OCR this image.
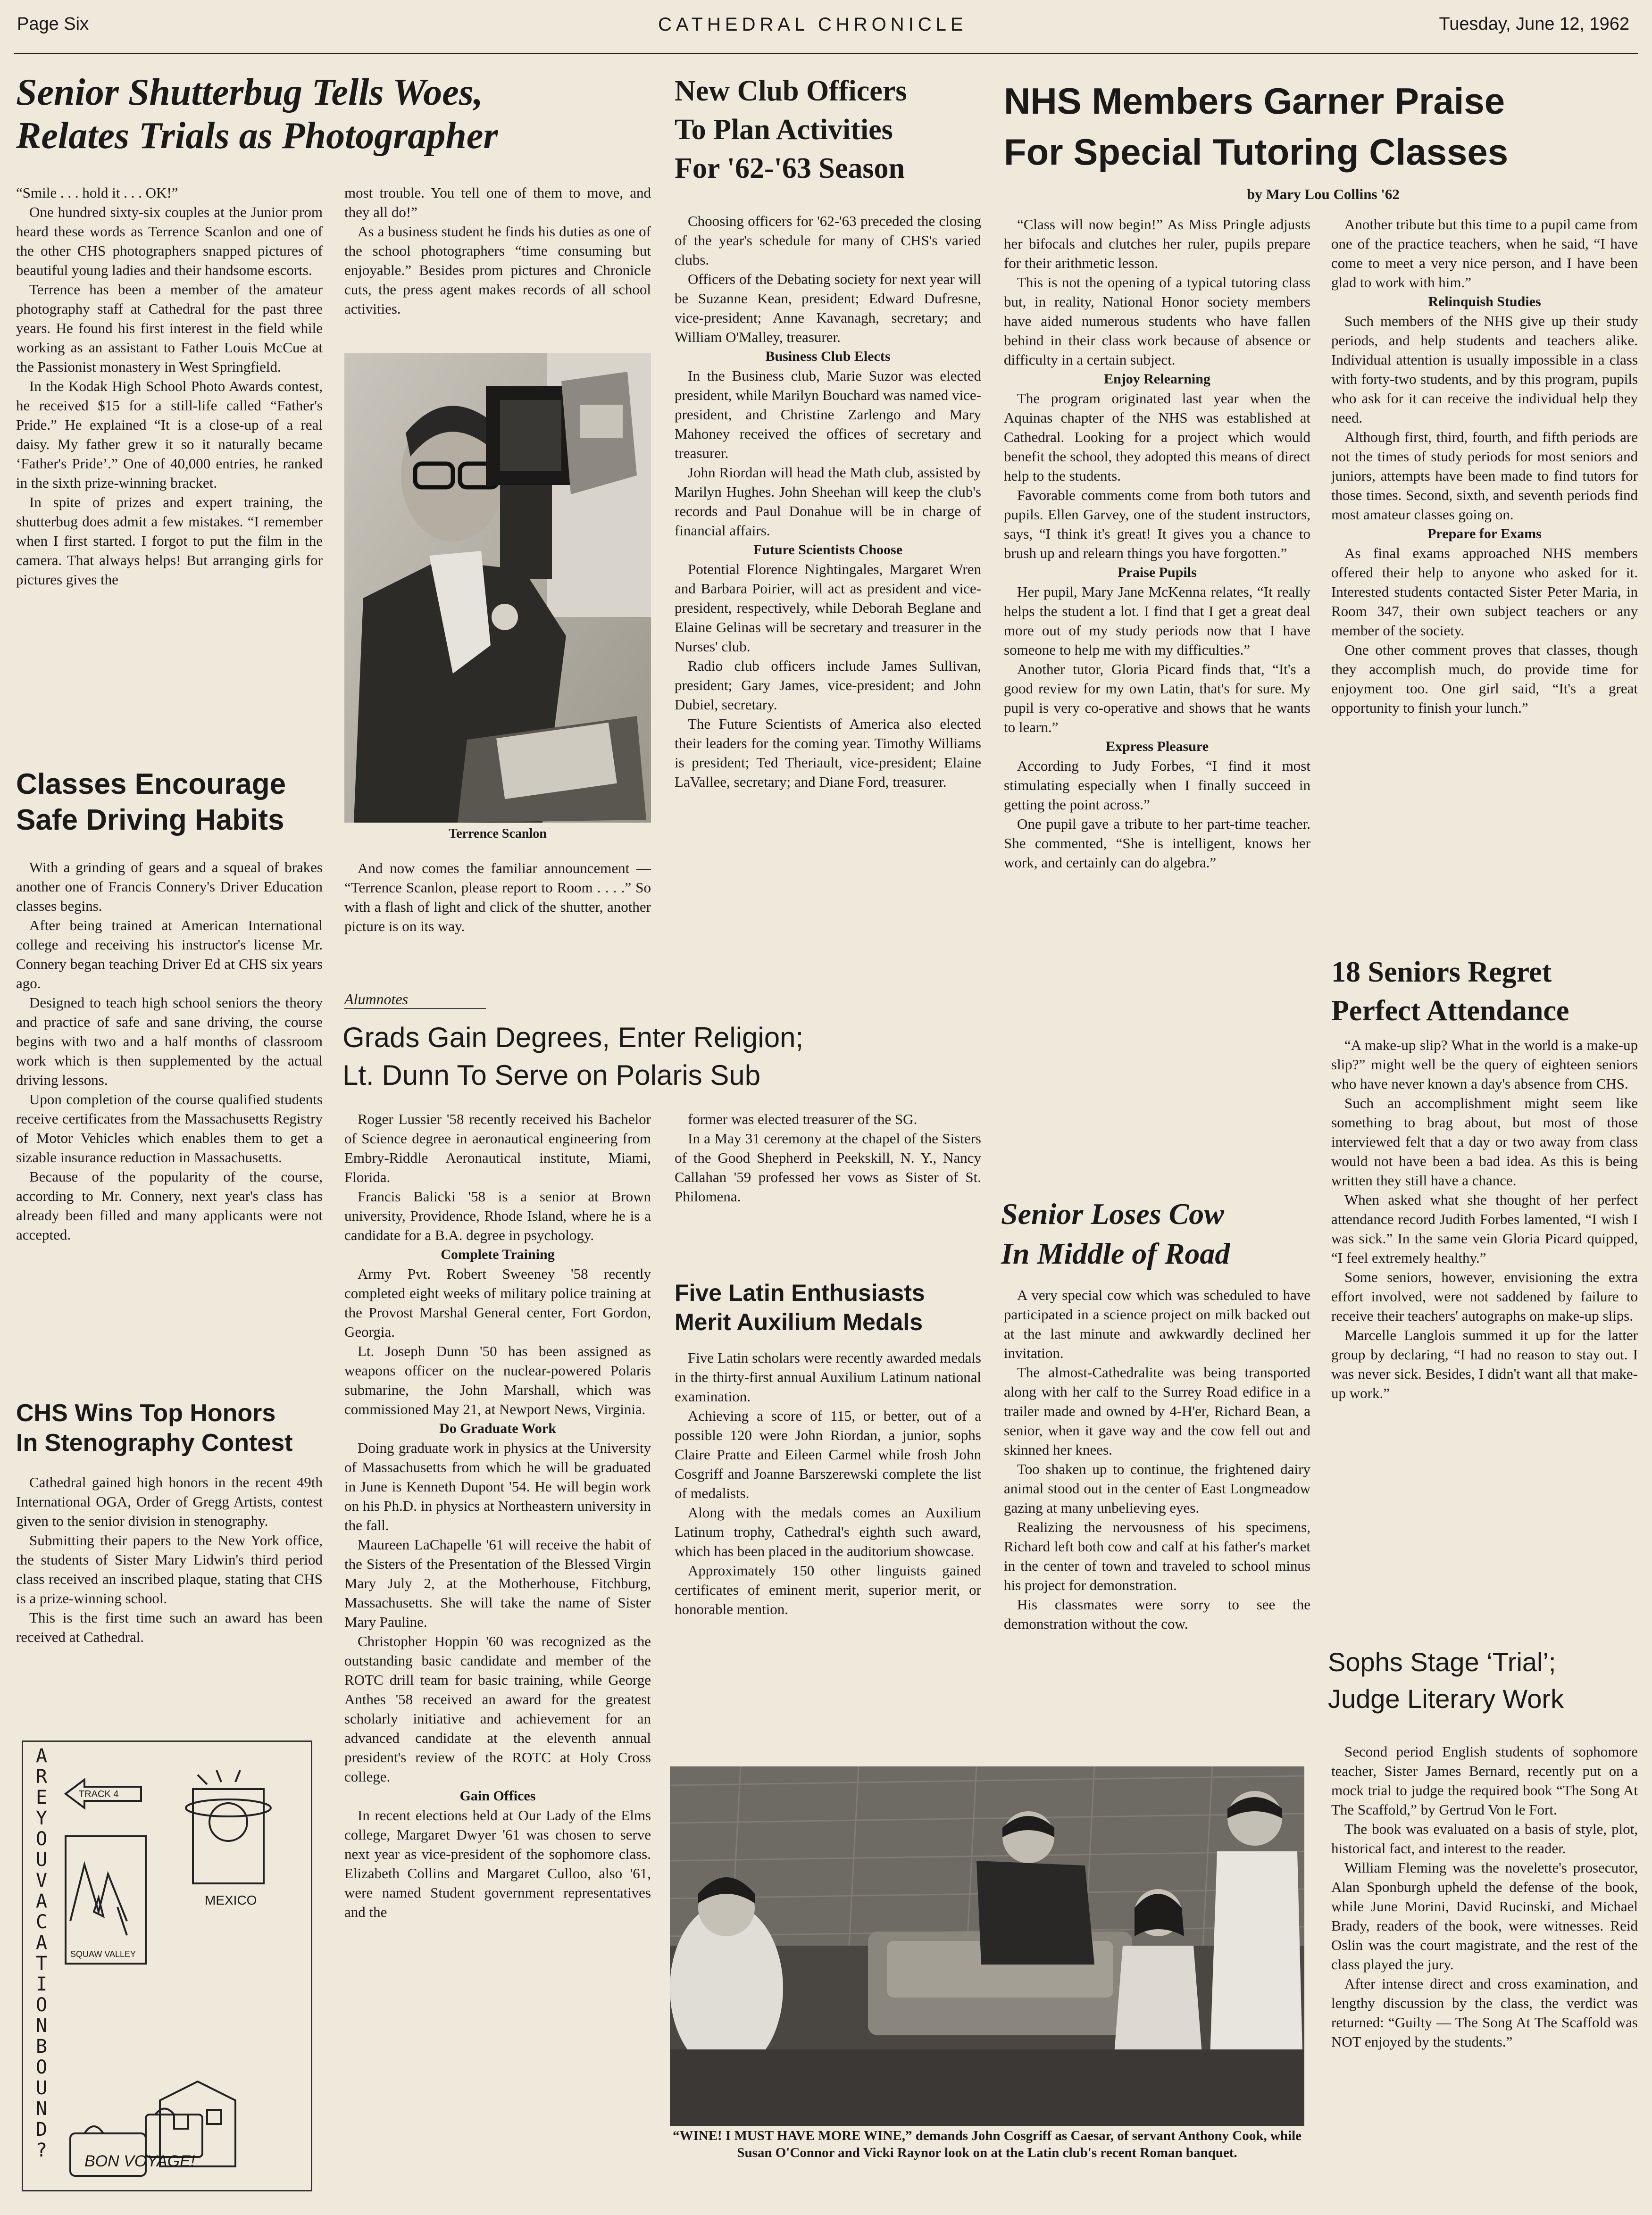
Page Six	CATHEDRAL CHRONICLE	Tuesday, June 12, 1962
Senior Shutterbug Tells Woes,
Relates Trials as Photographer

“Smile . . . hold it . . . OK!”

One hundred sixty-six couples at the Junior prom heard these words as Terrence Scanlon and one of the other CHS photographers snapped pictures of beautiful young ladies and their handsome escorts.

Terrence has been a member of the amateur photography staff at Cathedral for the past three years. He found his first interest in the field while working as an assistant to Father Louis McCue at the Passionist monastery in West Springfield.

In the Kodak High School Photo Awards contest, he received $15 for a still-life called “Father's Pride.” He explained “It is a close-up of a real daisy. My father grew it so it naturally became ‘Father's Pride’.” One of 40,000 entries, he ranked in the sixth prize-winning bracket.

In spite of prizes and expert training, the shutterbug does admit a few mistakes. “I remember when I first started. I forgot to put the film in the camera. That always helps! But arranging girls for pictures gives the

most trouble. You tell one of them to move, and they all do!”

As a business student he finds his duties as one of the school photographers “time consuming but enjoyable.” Besides prom pictures and Chronicle cuts, the press agent makes records of all school activities.

Terrence Scanlon

And now comes the familiar announcement — “Terrence Scanlon, please report to Room . . . .” So with a flash of light and click of the shutter, another picture is on its way.

Classes Encourage
Safe Driving Habits

With a grinding of gears and a squeal of brakes another one of Francis Connery's Driver Education classes begins.

After being trained at American International college and receiving his instructor's license Mr. Connery began teaching Driver Ed at CHS six years ago.

Designed to teach high school seniors the theory and practice of safe and sane driving, the course begins with two and a half months of classroom work which is then supplemented by the actual driving lessons.

Upon completion of the course qualified students receive certificates from the Massachusetts Registry of Motor Vehicles which enables them to get a sizable insurance reduction in Massachusetts.

Because of the popularity of the course, according to Mr. Connery, next year's class has already been filled and many applicants were not accepted.

CHS Wins Top Honors
In Stenography Contest

Cathedral gained high honors in the recent 49th International OGA, Order of Gregg Artists, contest given to the senior division in stenography.

Submitting their papers to the New York office, the students of Sister Mary Lidwin's third period class received an inscribed plaque, stating that CHS is a prize-winning school.

This is the first time such an award has been received at Cathedral.

A
R
E
Y
O
U
V
A
C
A
T
I
O
N
B
O
U
N
D
?
TRACK 4
MEXICO
SQUAW VALLEY
BON VOYAGE!
New Club Officers
To Plan Activities
For '62-'63 Season

Choosing officers for '62-'63 preceded the closing of the year's schedule for many of CHS's varied clubs.

Officers of the Debating society for next year will be Suzanne Kean, president; Edward Dufresne, vice-president; Anne Kavanagh, secretary; and William O'Malley, treasurer.

Business Club Elects

In the Business club, Marie Suzor was elected president, while Marilyn Bouchard was named vice-president, and Christine Zarlengo and Mary Mahoney received the offices of secretary and treasurer.

John Riordan will head the Math club, assisted by Marilyn Hughes. John Sheehan will keep the club's records and Paul Donahue will be in charge of financial affairs.

Future Scientists Choose

Potential Florence Nightingales, Margaret Wren and Barbara Poirier, will act as president and vice-president, respectively, while Deborah Beglane and Elaine Gelinas will be secretary and treasurer in the Nurses' club.

Radio club officers include James Sullivan, president; Gary James, vice-president; and John Dubiel, secretary.

The Future Scientists of America also elected their leaders for the coming year. Timothy Williams is president; Ted Theriault, vice-president; Elaine LaVallee, secretary; and Diane Ford, treasurer.

Alumnotes
Grads Gain Degrees, Enter Religion;
Lt. Dunn To Serve on Polaris Sub

Roger Lussier '58 recently received his Bachelor of Science degree in aeronautical engineering from Embry-Riddle Aeronautical institute, Miami, Florida.

Francis Balicki '58 is a senior at Brown university, Providence, Rhode Island, where he is a candidate for a B.A. degree in psychology.

Complete Training

Army Pvt. Robert Sweeney '58 recently completed eight weeks of military police training at the Provost Marshal General center, Fort Gordon, Georgia.

Lt. Joseph Dunn '50 has been assigned as weapons officer on the nuclear-powered Polaris submarine, the John Marshall, which was commissioned May 21, at Newport News, Virginia.

Do Graduate Work

Doing graduate work in physics at the University of Massachusetts from which he will be graduated in June is Kenneth Dupont '54. He will begin work on his Ph.D. in physics at Northeastern university in the fall.

Maureen LaChapelle '61 will receive the habit of the Sisters of the Presentation of the Blessed Virgin Mary July 2, at the Motherhouse, Fitchburg, Massachusetts. She will take the name of Sister Mary Pauline.

Christopher Hoppin '60 was recognized as the outstanding basic candidate and member of the ROTC drill team for basic training, while George Anthes '58 received an award for the greatest scholarly initiative and achievement for an advanced candidate at the eleventh annual president's review of the ROTC at Holy Cross college.

Gain Offices

In recent elections held at Our Lady of the Elms college, Margaret Dwyer '61 was chosen to serve next year as vice-president of the sophomore class. Elizabeth Collins and Margaret Culloo, also '61, were named Student government representatives and the

former was elected treasurer of the SG.

In a May 31 ceremony at the chapel of the Sisters of the Good Shepherd in Peekskill, N. Y., Nancy Callahan '59 professed her vows as Sister of St. Philomena.

Five Latin Enthusiasts
Merit Auxilium Medals

Five Latin scholars were recently awarded medals in the thirty-first annual Auxilium Latinum national examination.

Achieving a score of 115, or better, out of a possible 120 were John Riordan, a junior, sophs Claire Pratte and Eileen Carmel while frosh John Cosgriff and Joanne Barszerewski complete the list of medalists.

Along with the medals comes an Auxilium Latinum trophy, Cathedral's eighth such award, which has been placed in the auditorium showcase.

Approximately 150 other linguists gained certificates of eminent merit, superior merit, or honorable mention.

“WINE! I MUST HAVE MORE WINE,” demands John Cosgriff as Caesar, of servant Anthony Cook, while Susan O'Connor and Vicki Raynor look on at the Latin club's recent Roman banquet.
NHS Members Garner Praise
For Special Tutoring Classes
by Mary Lou Collins '62

“Class will now begin!” As Miss Pringle adjusts her bifocals and clutches her ruler, pupils prepare for their arithmetic lesson.

This is not the opening of a typical tutoring class but, in reality, National Honor society members have aided numerous students who have fallen behind in their class work because of absence or difficulty in a certain subject.

Enjoy Relearning

The program originated last year when the Aquinas chapter of the NHS was established at Cathedral. Looking for a project which would benefit the school, they adopted this means of direct help to the students.

Favorable comments come from both tutors and pupils. Ellen Garvey, one of the student instructors, says, “I think it's great! It gives you a chance to brush up and relearn things you have forgotten.”

Praise Pupils

Her pupil, Mary Jane McKenna relates, “It really helps the student a lot. I find that I get a great deal more out of my study periods now that I have someone to help me with my difficulties.”

Another tutor, Gloria Picard finds that, “It's a good review for my own Latin, that's for sure. My pupil is very co-operative and shows that he wants to learn.”

Express Pleasure

According to Judy Forbes, “I find it most stimulating especially when I finally succeed in getting the point across.”

One pupil gave a tribute to her part-time teacher. She commented, “She is intelligent, knows her work, and certainly can do algebra.”

Another tribute but this time to a pupil came from one of the practice teachers, when he said, “I have come to meet a very nice person, and I have been glad to work with him.”

Relinquish Studies

Such members of the NHS give up their study periods, and help students and teachers alike. Individual attention is usually impossible in a class with forty-two students, and by this program, pupils who ask for it can receive the individual help they need.

Although first, third, fourth, and fifth periods are not the times of study periods for most seniors and juniors, attempts have been made to find tutors for those times. Second, sixth, and seventh periods find most amateur classes going on.

Prepare for Exams

As final exams approached NHS members offered their help to anyone who asked for it. Interested students contacted Sister Peter Maria, in Room 347, their own subject teachers or any member of the society.

One other comment proves that classes, though they accomplish much, do provide time for enjoyment too. One girl said, “It's a great opportunity to finish your lunch.”

18 Seniors Regret
Perfect Attendance

“A make-up slip? What in the world is a make-up slip?” might well be the query of eighteen seniors who have never known a day's absence from CHS.

Such an accomplishment might seem like something to brag about, but most of those interviewed felt that a day or two away from class would not have been a bad idea. As this is being written they still have a chance.

When asked what she thought of her perfect attendance record Judith Forbes lamented, “I wish I was sick.” In the same vein Gloria Picard quipped, “I feel extremely healthy.”

Some seniors, however, envisioning the extra effort involved, were not saddened by failure to receive their teachers' autographs on make-up slips.

Marcelle Langlois summed it up for the latter group by declaring, “I had no reason to stay out. I was never sick. Besides, I didn't want all that make-up work.”

Senior Loses Cow
In Middle of Road

A very special cow which was scheduled to have participated in a science project on milk backed out at the last minute and awkwardly declined her invitation.

The almost-Cathedralite was being transported along with her calf to the Surrey Road edifice in a trailer made and owned by 4-H'er, Richard Bean, a senior, when it gave way and the cow fell out and skinned her knees.

Too shaken up to continue, the frightened dairy animal stood out in the center of East Longmeadow gazing at many unbelieving eyes.

Realizing the nervousness of his specimens, Richard left both cow and calf at his father's market in the center of town and traveled to school minus his project for demonstration.

His classmates were sorry to see the demonstration without the cow.

Sophs Stage ‘Trial’;
Judge Literary Work

Second period English students of sophomore teacher, Sister James Bernard, recently put on a mock trial to judge the required book “The Song At The Scaffold,” by Gertrud Von le Fort.

The book was evaluated on a basis of style, plot, historical fact, and interest to the reader.

William Fleming was the novelette's prosecutor, Alan Sponburgh upheld the defense of the book, while June Morini, David Rucinski, and Michael Brady, readers of the book, were witnesses. Reid Oslin was the court magistrate, and the rest of the class played the jury.

After intense direct and cross examination, and lengthy discussion by the class, the verdict was returned: “Guilty — The Song At The Scaffold was NOT enjoyed by the students.”
